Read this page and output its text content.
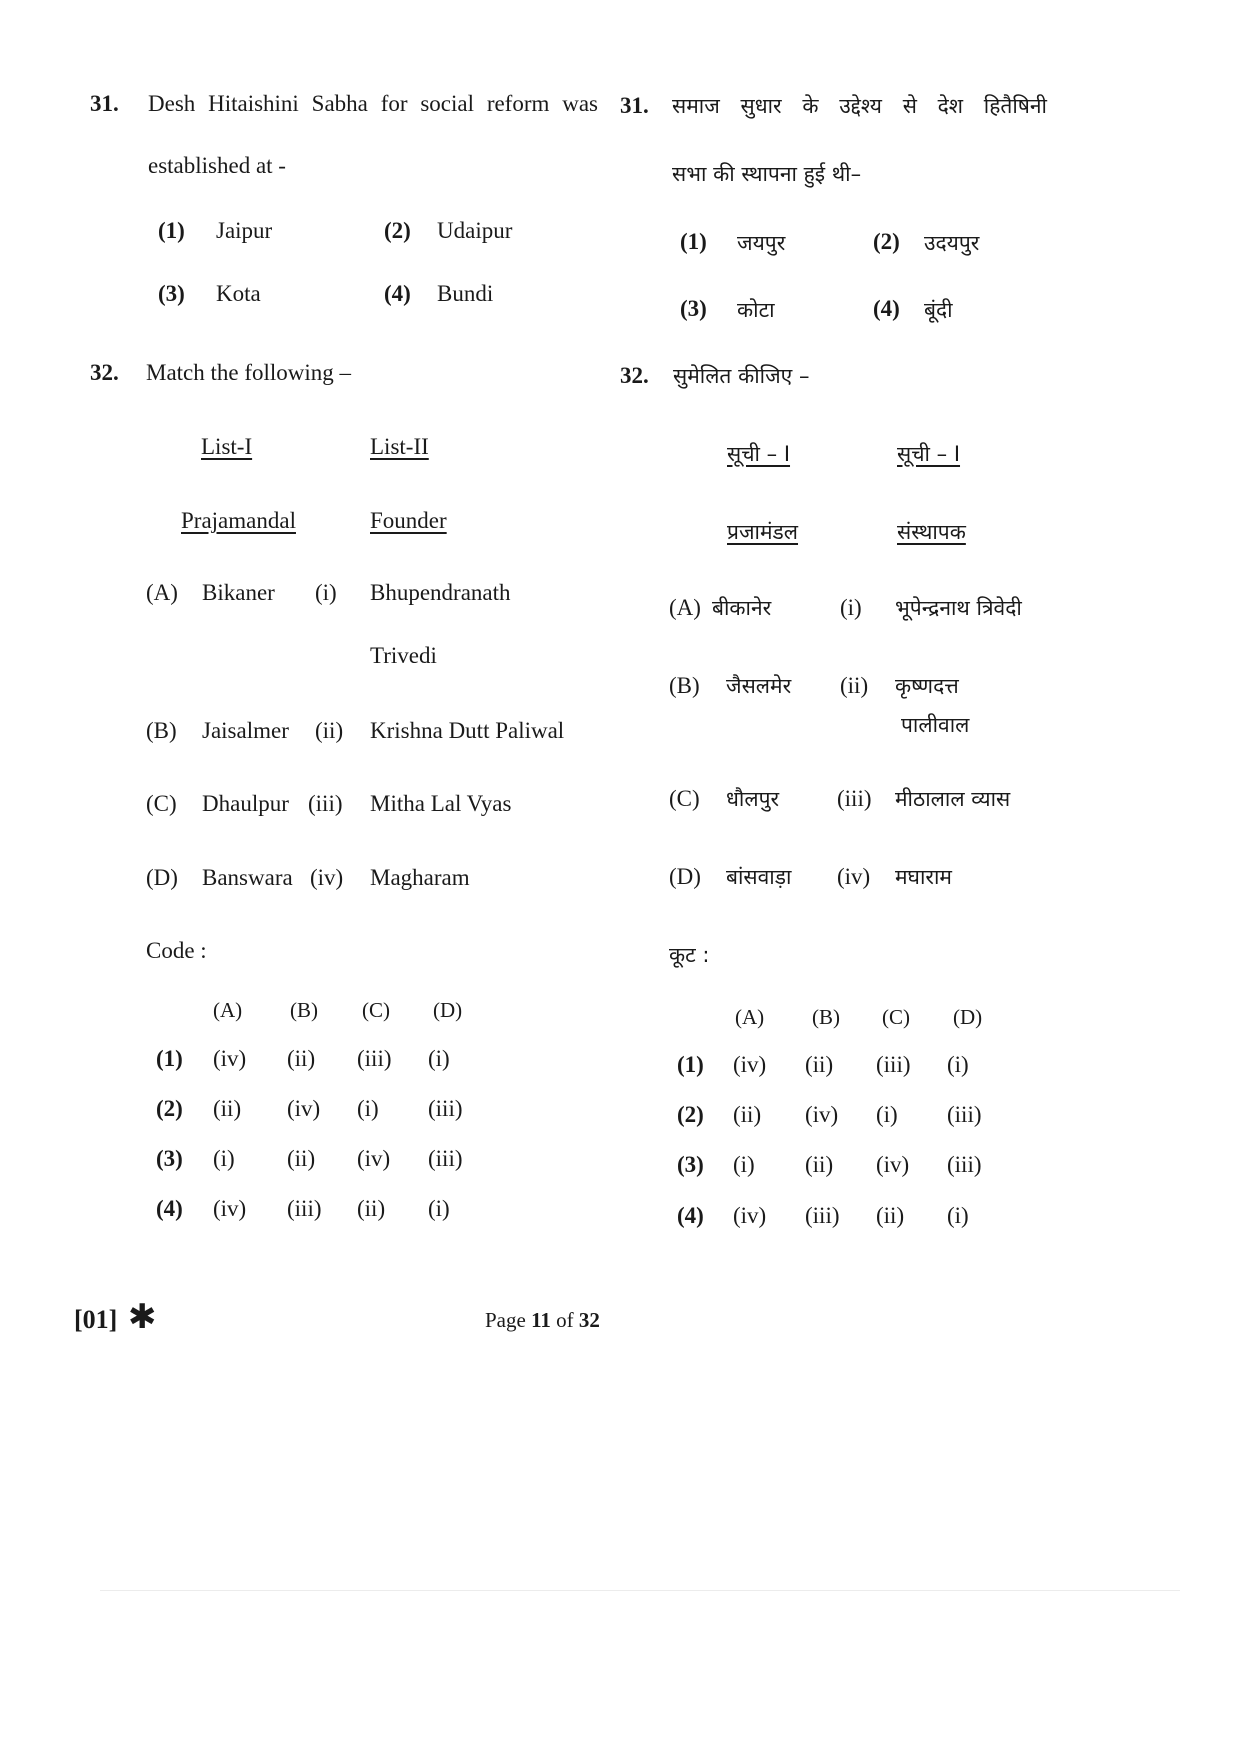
31. Desh Hitaishini Sabha for social reform was
established at -
(1) Jaipur	(2) Udaipur
(3) Kota	(4) Bundi
31. समाज सुधार के उद्देश्य से देश हितैषिनी
सभा की स्थापना हुई थी–
(1) जयपुर	(2) उदयपुर
(3) कोटा	(4) बूंदी
32. Match the following –
List-I	List-II
Prajamandal	Founder
(A) Bikaner (i) Bhupendranath
Trivedi
(B) Jaisalmer (ii) Krishna Dutt Paliwal
(C) Dhaulpur (iii) Mitha Lal Vyas
(D) Banswara (iv) Magharam
Code :
(A) (B) (C) (D)
(1) (iv) (ii) (iii) (i)
(2) (ii) (iv) (i) (iii)
(3) (i) (ii) (iv) (iii)
(4) (iv) (iii) (ii) (i)
32. सुमेलित कीजिए –
सूची – I	सूची – I
प्रजामंडल	संस्थापक
(A) बीकानेर	(i) भूपेन्द्रनाथ त्रिवेदी
(B) जैसलमेर (ii) कृष्णदत्त
पालीवाल
(C) धौलपुर	(iii) मीठालाल व्यास
(D) बांसवाड़ा (iv) मघाराम
कूट :
(A) (B) (C) (D)
(1) (iv) (ii) (iii) (i)
(2) (ii) (iv) (i) (iii)
(3) (i) (ii) (iv) (iii)
(4) (iv) (iii) (ii) (i)
[01] ✱	Page 11 of 32
